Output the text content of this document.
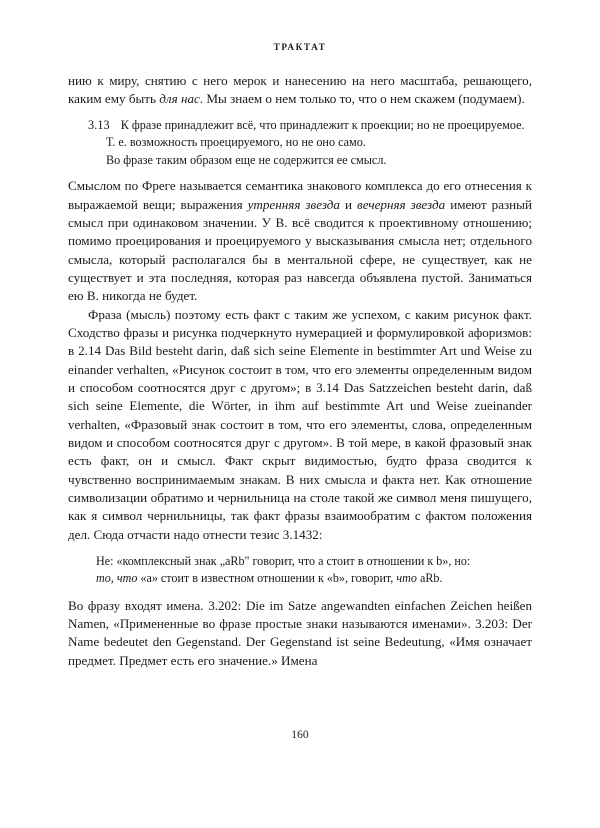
ТРАКТАТ

нию к миру, снятию с него мерок и нанесению на него масштаба, решающего, каким ему быть для нас. Мы знаем о нем только то, что о нем скажем (подумаем).

3.13 К фразе принадлежит всё, что принадлежит к проекции; но не проецируемое.

Т. е. возможность проецируемого, но не оно само.

Во фразе таким образом еще не содержится ее смысл.

Смыслом по Фреге называется семантика знакового комплекса до его отнесения к выражаемой вещи; выражения утренняя звезда и вечерняя звезда имеют разный смысл при одинаковом значении. У В. всё сводится к проективному отношению; помимо проецирования и проецируемого у высказывания смысла нет; отдельного смысла, который располагался бы в ментальной сфере, не существует, как не существует и эта последняя, которая раз навсегда объявлена пустой. Заниматься ею В. никогда не будет.

Фраза (мысль) поэтому есть факт с таким же успехом, с каким рисунок факт. Сходство фразы и рисунка подчеркнуто нумерацией и формулировкой афоризмов: в 2.14 Das Bild besteht darin, daß sich seine Elemente in bestimmter Art und Weise zu einander verhalten, «Рисунок состоит в том, что его элементы определенным видом и способом соотносятся друг с другом»; в 3.14 Das Satzzeichen besteht darin, daß sich seine Elemente, die Wörter, in ihm auf bestimmte Art und Weise zueinander verhalten, «Фразовый знак состоит в том, что его элементы, слова, определенным видом и способом соотносятся друг с другом». В той мере, в какой фразовый знак есть факт, он и смысл. Факт скрыт видимостью, будто фраза сводится к чувственно воспринимаемым знакам. В них смысла и факта нет. Как отношение символизации обратимо и чернильница на столе такой же символ меня пишущего, как я символ чернильницы, так факт фразы взаимообратим с фактом положения дел. Сюда отчасти надо отнести тезис 3.1432:

Не: «комплексный знак „aRb" говорит, что а стоит в отношении к b», но:
то, что «а» стоит в известном отношении к «b», говорит, что aRb.

Во фразу входят имена. 3.202: Die im Satze angewandten einfachen Zeichen heißen Namen, «Примененные во фразе простые знаки называются именами». 3.203: Der Name bedeutet den Gegenstand. Der Gegenstand ist seine Bedeutung, «Имя означает предмет. Предмет есть его значение.» Имена

160
